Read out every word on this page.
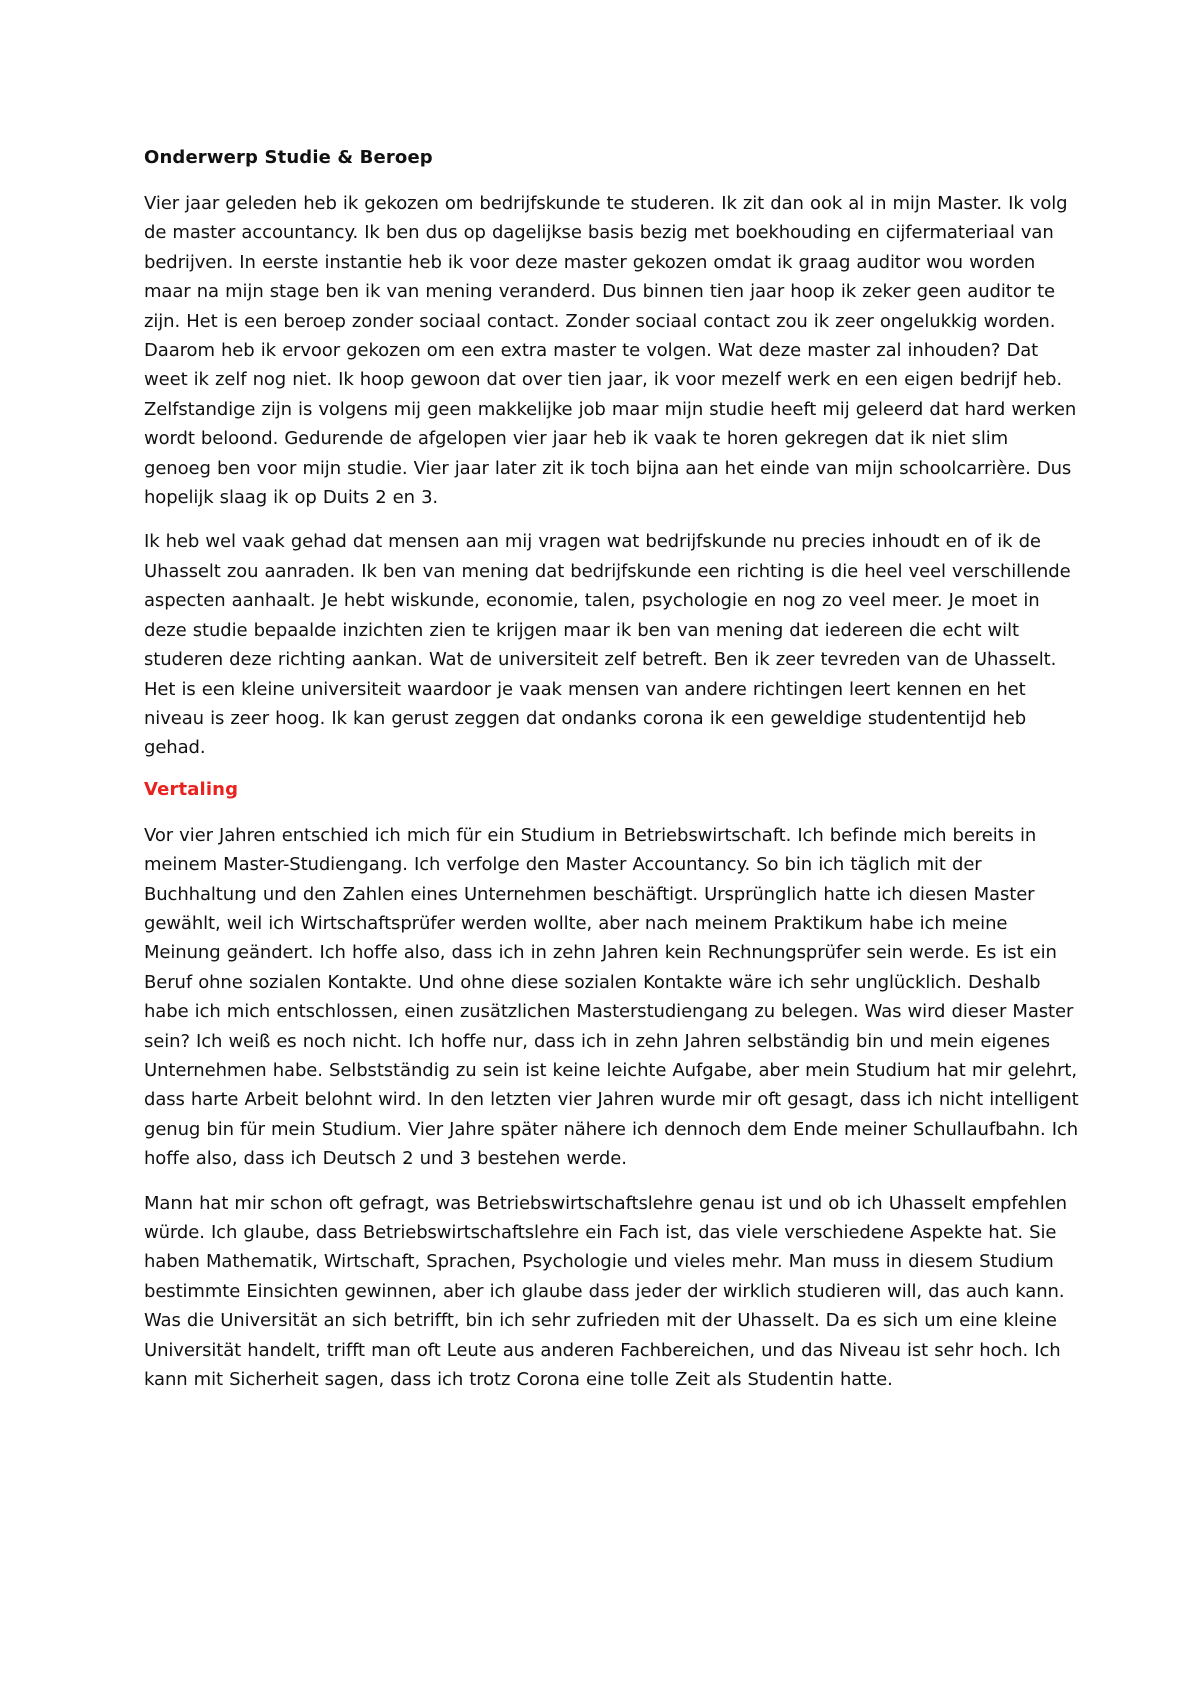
Onderwerp Studie & Beroep

Vier jaar geleden heb ik gekozen om bedrijfskunde te studeren. Ik zit dan ook al in mijn Master. Ik volg de master accountancy. Ik ben dus op dagelijkse basis bezig met boekhouding en cijfermateriaal van bedrijven. In eerste instantie heb ik voor deze master gekozen omdat ik graag auditor wou worden maar na mijn stage ben ik van mening veranderd. Dus binnen tien jaar hoop ik zeker geen auditor te zijn. Het is een beroep zonder sociaal contact. Zonder sociaal contact zou ik zeer ongelukkig worden. Daarom heb ik ervoor gekozen om een extra master te volgen. Wat deze master zal inhouden? Dat weet ik zelf nog niet. Ik hoop gewoon dat over tien jaar, ik voor mezelf werk en een eigen bedrijf heb. Zelfstandige zijn is volgens mij geen makkelijke job maar mijn studie heeft mij geleerd dat hard werken wordt beloond. Gedurende de afgelopen vier jaar heb ik vaak te horen gekregen dat ik niet slim genoeg ben voor mijn studie. Vier jaar later zit ik toch bijna aan het einde van mijn schoolcarrière. Dus hopelijk slaag ik op Duits 2 en 3.

Ik heb wel vaak gehad dat mensen aan mij vragen wat bedrijfskunde nu precies inhoudt en of ik de Uhasselt zou aanraden. Ik ben van mening dat bedrijfskunde een richting is die heel veel verschillende aspecten aanhaalt. Je hebt wiskunde, economie, talen, psychologie en nog zo veel meer. Je moet in deze studie bepaalde inzichten zien te krijgen maar ik ben van mening dat iedereen die echt wilt studeren deze richting aankan. Wat de universiteit zelf betreft. Ben ik zeer tevreden van de Uhasselt. Het is een kleine universiteit waardoor je vaak mensen van andere richtingen leert kennen en het niveau is zeer hoog. Ik kan gerust zeggen dat ondanks corona ik een geweldige studententijd heb gehad.

Vertaling

Vor vier Jahren entschied ich mich für ein Studium in Betriebswirtschaft. Ich befinde mich bereits in meinem Master-Studiengang. Ich verfolge den Master Accountancy. So bin ich täglich mit der Buchhaltung und den Zahlen eines Unternehmen beschäftigt. Ursprünglich hatte ich diesen Master gewählt, weil ich Wirtschaftsprüfer werden wollte, aber nach meinem Praktikum habe ich meine Meinung geändert. Ich hoffe also, dass ich in zehn Jahren kein Rechnungsprüfer sein werde. Es ist ein Beruf ohne sozialen Kontakte. Und ohne diese sozialen Kontakte wäre ich sehr unglücklich. Deshalb habe ich mich entschlossen, einen zusätzlichen Masterstudiengang zu belegen. Was wird dieser Master sein? Ich weiß es noch nicht. Ich hoffe nur, dass ich in zehn Jahren selbständig bin und mein eigenes Unternehmen habe. Selbstständig zu sein ist keine leichte Aufgabe, aber mein Studium hat mir gelehrt, dass harte Arbeit belohnt wird. In den letzten vier Jahren wurde mir oft gesagt, dass ich nicht intelligent genug bin für mein Studium. Vier Jahre später nähere ich dennoch dem Ende meiner Schullaufbahn. Ich hoffe also, dass ich Deutsch 2 und 3 bestehen werde.

Mann hat mir schon oft gefragt, was Betriebswirtschaftslehre genau ist und ob ich Uhasselt empfehlen würde. Ich glaube, dass Betriebswirtschaftslehre ein Fach ist, das viele verschiedene Aspekte hat. Sie haben Mathematik, Wirtschaft, Sprachen, Psychologie und vieles mehr. Man muss in diesem Studium bestimmte Einsichten gewinnen, aber ich glaube dass jeder der wirklich studieren will, das auch kann. Was die Universität an sich betrifft, bin ich sehr zufrieden mit der Uhasselt. Da es sich um eine kleine Universität handelt, trifft man oft Leute aus anderen Fachbereichen, und das Niveau ist sehr hoch. Ich kann mit Sicherheit sagen, dass ich trotz Corona eine tolle Zeit als Studentin hatte.
